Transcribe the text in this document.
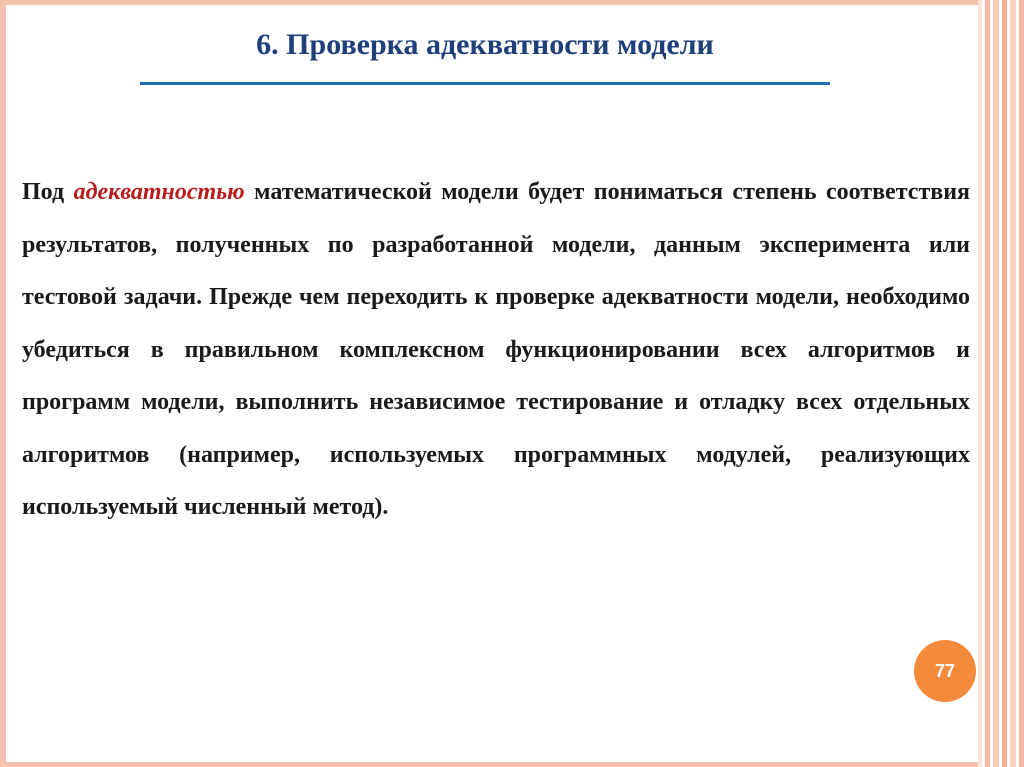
6. Проверка адекватности модели

Под адекватностью математической модели будет пониматься степень соответствия результатов, полученных по разработанной модели, данным эксперимента или тестовой задачи. Прежде чем переходить к проверке адекватности модели, необходимо убедиться в правильном комплексном функционировании всех алгоритмов и программ модели, выполнить независимое тестирование и отладку всех отдельных алгоритмов (например, используемых программных модулей, реализующих используемый численный метод).

77
